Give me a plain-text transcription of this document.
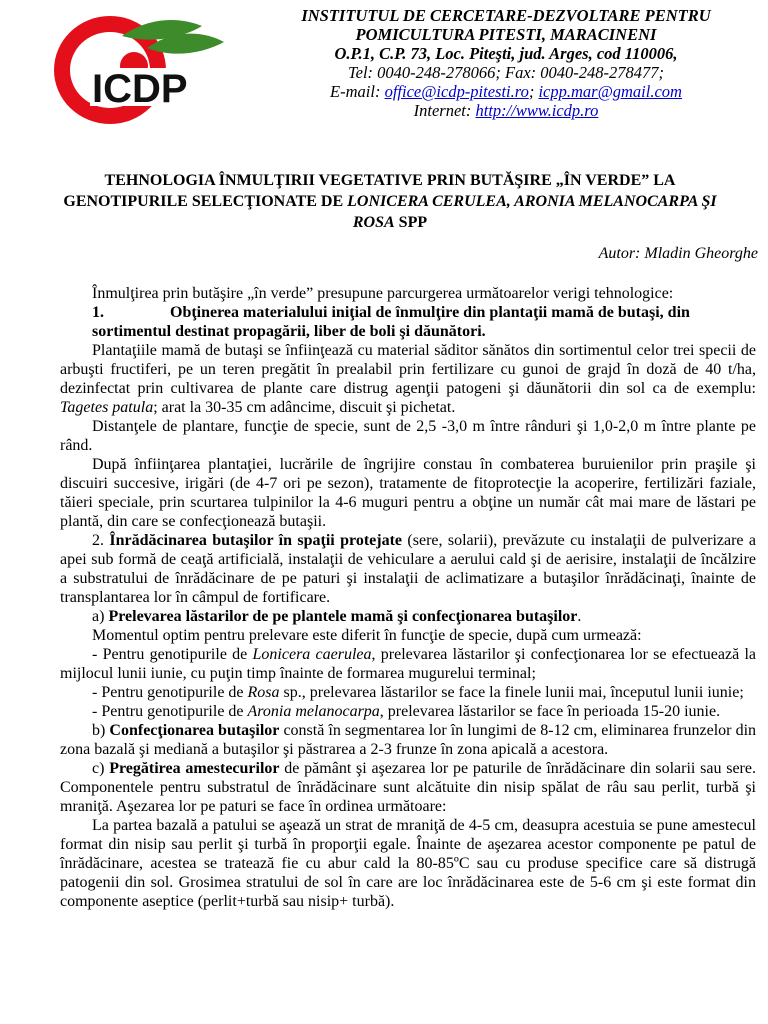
ICDP
INSTITUTUL DE CERCETARE-DEZVOLTARE PENTRU
POMICULTURA PITESTI, MARACINENI
O.P.1, C.P. 73, Loc. Piteşti, jud. Arges, cod 110006,
Tel: 0040-248-278066; Fax: 0040-248-278477;
E-mail: office@icdp-pitesti.ro; icpp.mar@gmail.com
Internet: http://www.icdp.ro
TEHNOLOGIA ÎNMULŢIRII VEGETATIVE PRIN BUTĂŞIRE „ÎN VERDE” LA GENOTIPURILE SELECŢIONATE DE LONICERA CERULEA, ARONIA MELANOCARPA ŞI ROSA SPP
Autor: Mladin Gheorghe

Înmulţirea prin butăşire „în verde” presupune parcurgerea următoarelor verigi tehnologice:

1.	Obţinerea materialului iniţial de înmulţire din plantaţii mamă de butaşi, din
sortimentul destinat propagării, liber de boli şi dăunători.

Plantaţiile mamă de butaşi se înfiinţează cu material săditor sănătos din sortimentul celor trei specii de arbuşti fructiferi, pe un teren pregătit în prealabil prin fertilizare cu gunoi de grajd în doză de 40 t/ha, dezinfectat prin cultivarea de plante care distrug agenţii patogeni şi dăunătorii din sol ca de exemplu: Tagetes patula; arat la 30-35 cm adâncime, discuit şi pichetat.

Distanţele de plantare, funcţie de specie, sunt de 2,5 -3,0 m între rânduri şi 1,0-2,0 m între plante pe rând.

După înfiinţarea plantaţiei, lucrările de îngrijire constau în combaterea buruienilor prin praşile şi discuiri succesive, irigări (de 4-7 ori pe sezon), tratamente de fitoprotecţie la acoperire, fertilizări faziale, tăieri speciale, prin scurtarea tulpinilor la 4-6 muguri pentru a obţine un număr cât mai mare de lăstari pe plantă, din care se confecţionează butaşii.

2. Înrădăcinarea butaşilor în spaţii protejate (sere, solarii), prevăzute cu instalaţii de pulverizare a apei sub formă de ceaţă artificială, instalaţii de vehiculare a aerului cald şi de aerisire, instalaţii de încălzire a substratului de înrădăcinare de pe paturi şi instalaţii de aclimatizare a butaşilor înrădăcinaţi, înainte de transplantarea lor în câmpul de fortificare.

a) Prelevarea lăstarilor de pe plantele mamă şi confecţionarea butaşilor.

Momentul optim pentru prelevare este diferit în funcţie de specie, după cum urmează:

- Pentru genotipurile de Lonicera caerulea, prelevarea lăstarilor şi confecţionarea lor se efectuează la mijlocul lunii iunie, cu puţin timp înainte de formarea mugurelui terminal;

- Pentru genotipurile de Rosa sp., prelevarea lăstarilor se face la finele lunii mai, începutul lunii iunie;

- Pentru genotipurile de Aronia melanocarpa, prelevarea lăstarilor se face în perioada 15-20 iunie.

b) Confecţionarea butaşilor constă în segmentarea lor în lungimi de 8-12 cm, eliminarea frunzelor din zona bazală şi mediană a butaşilor şi păstrarea a 2-3 frunze în zona apicală a acestora.

c) Pregătirea amestecurilor de pământ şi aşezarea lor pe paturile de înrădăcinare din solarii sau sere. Componentele pentru substratul de înrădăcinare sunt alcătuite din nisip spălat de râu sau perlit, turbă şi mraniţă. Aşezarea lor pe paturi se face în ordinea următoare:

La partea bazală a patului se aşează un strat de mraniţă de 4-5 cm, deasupra acestuia se pune amestecul format din nisip sau perlit şi turbă în proporţii egale. Înainte de aşezarea acestor componente pe patul de înrădăcinare, acestea se tratează fie cu abur cald la 80-85ºC sau cu produse specifice care să distrugă patogenii din sol. Grosimea stratului de sol în care are loc înrădăcinarea este de 5-6 cm şi este format din componente aseptice (perlit+turbă sau nisip+ turbă).
